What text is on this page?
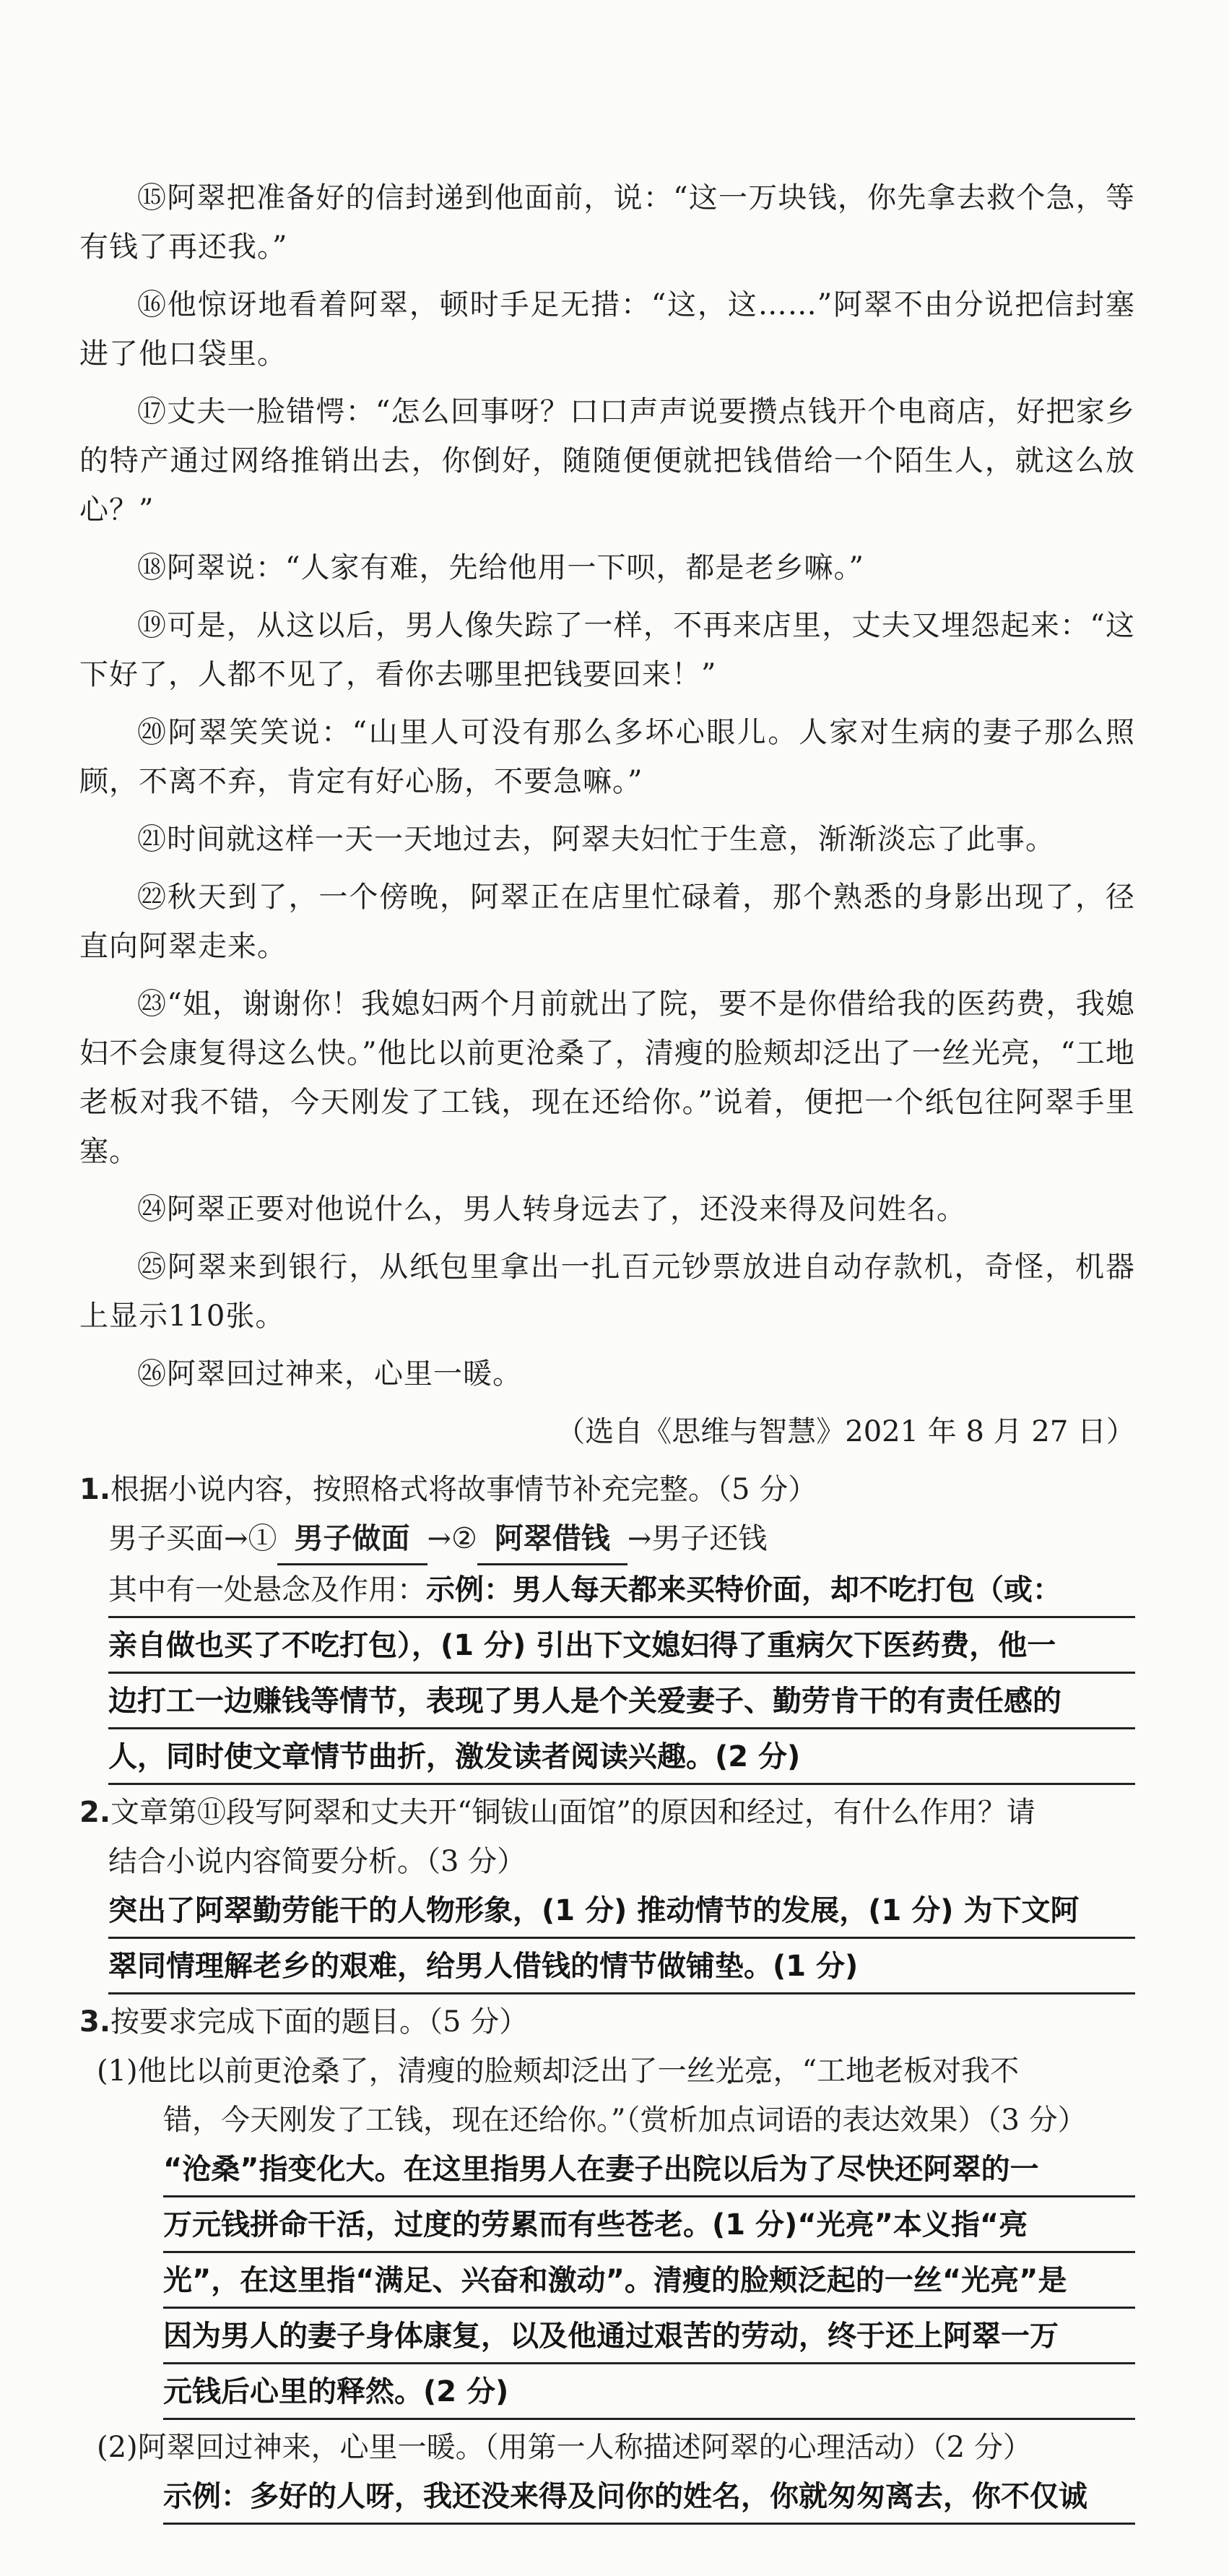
⑮阿翠把准备好的信封递到他面前，说：“这一万块钱，你先拿去救个急，等有钱了再还我。”

⑯他惊讶地看着阿翠，顿时手足无措：“这，这……”阿翠不由分说把信封塞进了他口袋里。

⑰丈夫一脸错愕：“怎么回事呀？口口声声说要攒点钱开个电商店，好把家乡的特产通过网络推销出去，你倒好，随随便便就把钱借给一个陌生人，就这么放心？”

⑱阿翠说：“人家有难，先给他用一下呗，都是老乡嘛。”

⑲可是，从这以后，男人像失踪了一样，不再来店里，丈夫又埋怨起来：“这下好了，人都不见了，看你去哪里把钱要回来！”

⑳阿翠笑笑说：“山里人可没有那么多坏心眼儿。人家对生病的妻子那么照顾，不离不弃，肯定有好心肠，不要急嘛。”

㉑时间就这样一天一天地过去，阿翠夫妇忙于生意，渐渐淡忘了此事。

㉒秋天到了，一个傍晚，阿翠正在店里忙碌着，那个熟悉的身影出现了，径直向阿翠走来。

㉓“姐，谢谢你！我媳妇两个月前就出了院，要不是你借给我的医药费，我媳妇不会康复得这么快。”他比以前更沧桑了，清瘦的脸颊却泛出了一丝光亮，“工地老板对我不错，今天刚发了工钱，现在还给你。”说着，便把一个纸包往阿翠手里塞。

㉔阿翠正要对他说什么，男人转身远去了，还没来得及问姓名。

㉕阿翠来到银行，从纸包里拿出一扎百元钞票放进自动存款机，奇怪，机器上显示110张。

㉖阿翠回过神来，心里一暖。

（选自《思维与智慧》2021 年 8 月 27 日）

1.根据小说内容，按照格式将故事情节补充完整。（5 分）

男子买面→① 男子做面 →② 阿翠借钱 →男子还钱
其中有一处悬念及作用：示例：男人每天都来买特价面，却不吃打包（或：
亲自做也买了不吃打包），(1 分) 引出下文媳妇得了重病欠下医药费，他一
边打工一边赚钱等情节，表现了男人是个关爱妻子、勤劳肯干的有责任感的
人，同时使文章情节曲折，激发读者阅读兴趣。(2 分)

2.文章第⑪段写阿翠和丈夫开“铜钹山面馆”的原因和经过，有什么作用？请

结合小说内容简要分析。（3 分）
突出了阿翠勤劳能干的人物形象，(1 分) 推动情节的发展，(1 分) 为下文阿
翠同情理解老乡的艰难，给男人借钱的情节做铺垫。(1 分)

3.按要求完成下面的题目。（5 分）

(1)他比以前更沧桑了，清瘦的脸颊却泛出了一丝光亮，“工地老板对我不
错，今天刚发了工钱，现在还给你。”（赏析加点词语的表达效果）（3 分）
“沧桑”指变化大。在这里指男人在妻子出院以后为了尽快还阿翠的一
万元钱拼命干活，过度的劳累而有些苍老。(1 分)“光亮”本义指“亮
光”，在这里指“满足、兴奋和激动”。清瘦的脸颊泛起的一丝“光亮”是
因为男人的妻子身体康复，以及他通过艰苦的劳动，终于还上阿翠一万
元钱后心里的释然。(2 分)
(2)阿翠回过神来，心里一暖。（用第一人称描述阿翠的心理活动）（2 分）
示例：多好的人呀，我还没来得及问你的姓名，你就匆匆离去，你不仅诚
